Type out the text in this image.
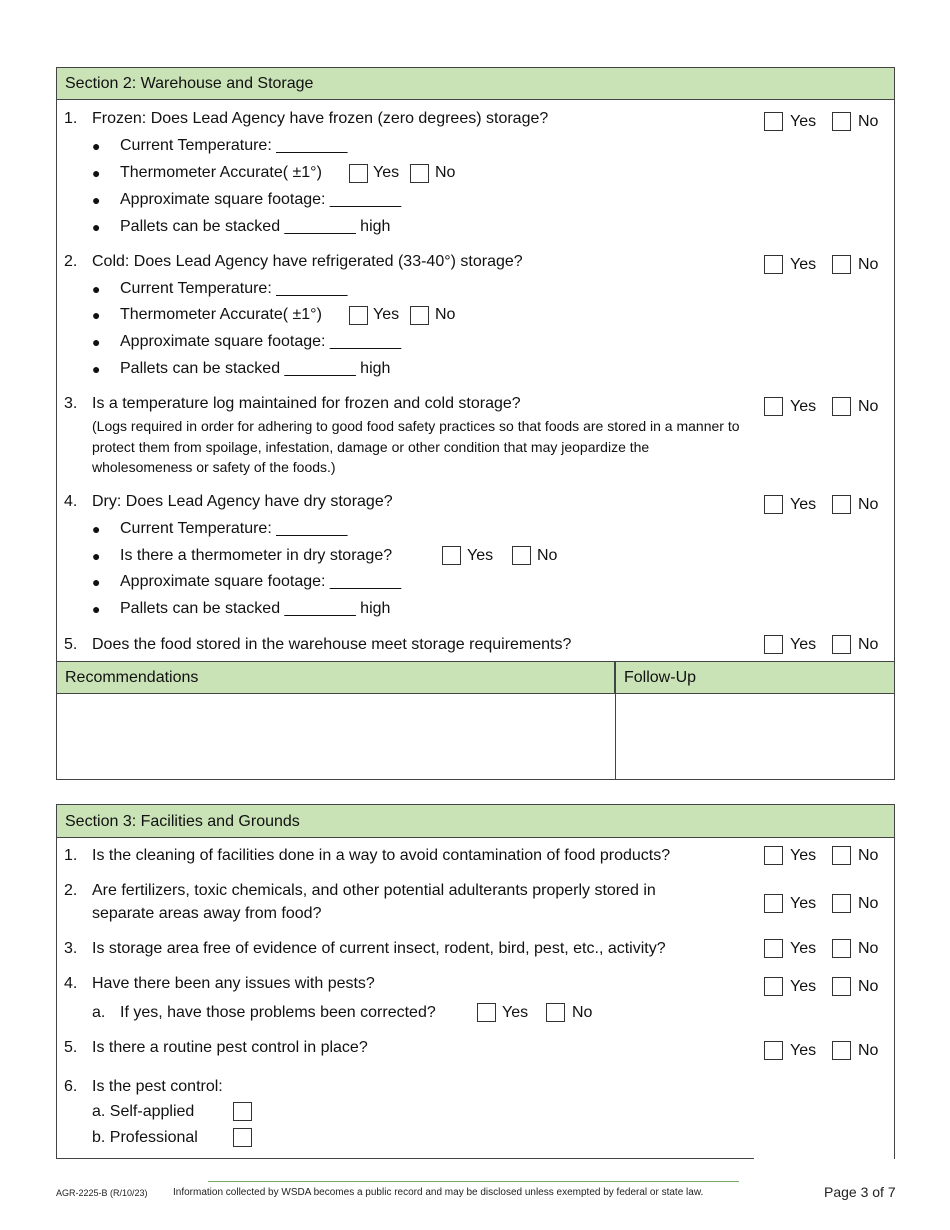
Section 2: Warehouse and Storage
1. Frozen: Does Lead Agency have frozen (zero degrees) storage?	Yes	No
● Current Temperature: ________
● Thermometer Accurate( ±1°)	Yes No
● Approximate square footage: ________
● Pallets can be stacked ________ high
2. Cold: Does Lead Agency have refrigerated (33-40°) storage?	Yes	No
● Current Temperature: ________
● Thermometer Accurate( ±1°)	Yes No
● Approximate square footage: ________
● Pallets can be stacked ________ high
3. Is a temperature log maintained for frozen and cold storage?
(Logs required in order for adhering to good food safety practices so that foods are stored in a manner to protect them from spoilage, infestation, damage or other condition that may jeopardize the wholesomeness or safety of the foods.)
Yes	No
4. Dry: Does Lead Agency have dry storage?	Yes	No
● Current Temperature: ________
● Is there a thermometer in dry storage?	Yes	No
● Approximate square footage: ________
● Pallets can be stacked ________ high
5. Does the food stored in the warehouse meet storage requirements?	Yes	No
Recommendations	Follow-Up
Section 3: Facilities and Grounds
1. Is the cleaning of facilities done in a way to avoid contamination of food products?	Yes	No
2. Are fertilizers, toxic chemicals, and other potential adulterants properly stored in
separate areas away from food?
Yes	No
3. Is storage area free of evidence of current insect, rodent, bird, pest, etc., activity?	Yes	No
4. Have there been any issues with pests?	Yes	No
a. If yes, have those problems been corrected?	Yes	No
5. Is there a routine pest control in place?	Yes	No
6. Is the pest control:
a. Self-applied
b. Professional
AGR-2225-B (R/10/23)	Information collected by WSDA becomes a public record and may be disclosed unless exempted by federal or state law.	Page 3 of 7
